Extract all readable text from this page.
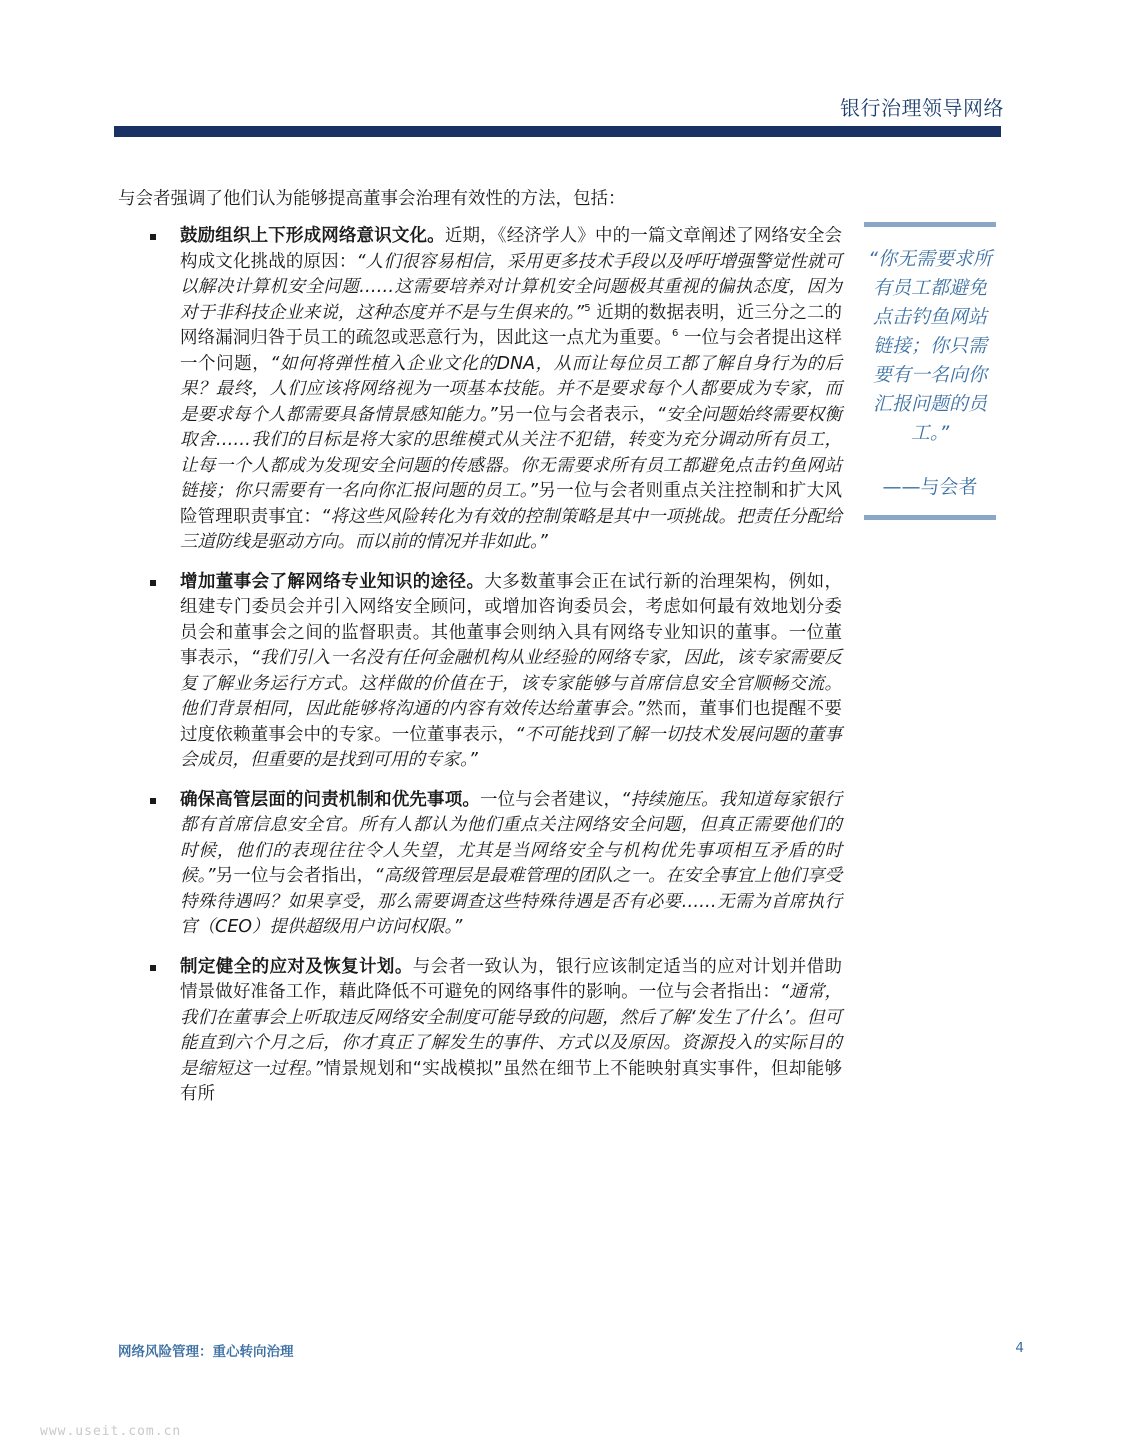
银行治理领导网络
与会者强调了他们认为能够提高董事会治理有效性的方法，包括：
鼓励组织上下形成网络意识文化。近期，《经济学人》中的一篇文章阐述了网络安全会构成文化挑战的原因：“人们很容易相信，采用更多技术手段以及呼吁增强警觉性就可以解决计算机安全问题……这需要培养对计算机安全问题极其重视的偏执态度，因为对于非科技企业来说，这种态度并不是与生俱来的。”$^5$ 近期的数据表明，近三分之二的网络漏洞归咎于员工的疏忽或恶意行为，因此这一点尤为重要。$^6$ 一位与会者提出这样一个问题，“如何将弹性植入企业文化的DNA，从而让每位员工都了解自身行为的后果？最终，人们应该将网络视为一项基本技能。并不是要求每个人都要成为专家，而是要求每个人都需要具备情景感知能力。”另一位与会者表示，“安全问题始终需要权衡取舍……我们的目标是将大家的思维模式从关注不犯错，转变为充分调动所有员工，让每一个人都成为发现安全问题的传感器。你无需要求所有员工都避免点击钓鱼网站链接；你只需要有一名向你汇报问题的员工。”另一位与会者则重点关注控制和扩大风险管理职责事宜：“将这些风险转化为有效的控制策略是其中一项挑战。把责任分配给三道防线是驱动方向。而以前的情况并非如此。”
增加董事会了解网络专业知识的途径。大多数董事会正在试行新的治理架构，例如，组建专门委员会并引入网络安全顾问，或增加咨询委员会，考虑如何最有效地划分委员会和董事会之间的监督职责。其他董事会则纳入具有网络专业知识的董事。一位董事表示，“我们引入一名没有任何金融机构从业经验的网络专家，因此，该专家需要反复了解业务运行方式。这样做的价值在于，该专家能够与首席信息安全官顺畅交流。他们背景相同，因此能够将沟通的内容有效传达给董事会。”然而，董事们也提醒不要过度依赖董事会中的专家。一位董事表示，“不可能找到了解一切技术发展问题的董事会成员，但重要的是找到可用的专家。”
确保高管层面的问责机制和优先事项。一位与会者建议，“持续施压。我知道每家银行都有首席信息安全官。所有人都认为他们重点关注网络安全问题，但真正需要他们的时候，他们的表现往往令人失望，尤其是当网络安全与机构优先事项相互矛盾的时候。”另一位与会者指出，“高级管理层是最难管理的团队之一。在安全事宜上他们享受特殊待遇吗？如果享受，那么需要调查这些特殊待遇是否有必要……无需为首席执行官（CEO）提供超级用户访问权限。”
制定健全的应对及恢复计划。与会者一致认为，银行应该制定适当的应对计划并借助情景做好准备工作，藉此降低不可避免的网络事件的影响。一位与会者指出：“通常，我们在董事会上听取违反网络安全制度可能导致的问题，然后了解‘发生了什么’。但可能直到六个月之后，你才真正了解发生的事件、方式以及原因。资源投入的实际目的是缩短这一过程。”情景规划和“实战模拟”虽然在细节上不能映射真实事件，但却能够有所
“你无需要求所有员工都避免点击钓鱼网站链接；你只需要有一名向你汇报问题的员工。”
——与会者
网络风险管理：重心转向治理	4
www.useit.com.cn
